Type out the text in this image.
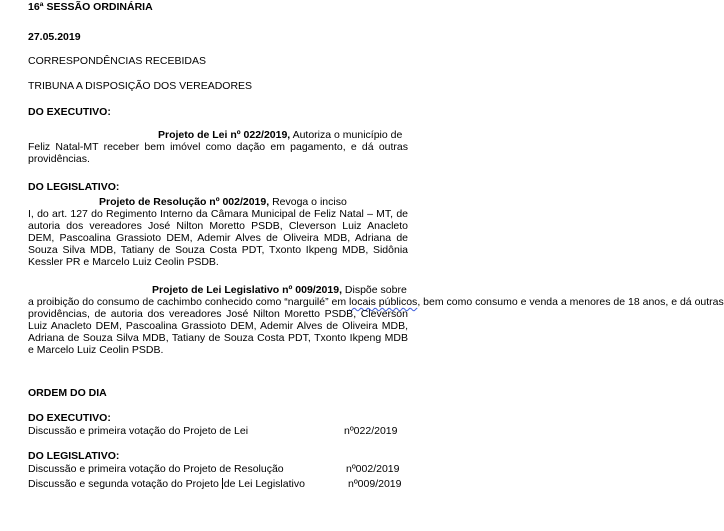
16ª SESSÃO ORDINÁRIA
27.05.2019
CORRESPONDÊNCIAS RECEBIDAS
TRIBUNA A DISPOSIÇÃO DOS VEREADORES
DO EXECUTIVO:
Projeto de Lei nº 022/2019, Autoriza o município de
Feliz Natal-MT receber bem imóvel como dação em pagamento, e dá outras
providências.
DO LEGISLATIVO:
Projeto de Resolução nº 002/2019, Revoga o inciso
I, do art. 127 do Regimento Interno da Câmara Municipal de Feliz Natal – MT, de
autoria dos vereadores José Nilton Moretto PSDB, Cleverson Luiz Anacleto
DEM, Pascoalina Grassioto DEM, Ademir Alves de Oliveira MDB, Adriana de
Souza Silva MDB, Tatiany de Souza Costa PDT, Txonto Ikpeng MDB, Sidônia
Kessler PR e Marcelo Luiz Ceolin PSDB.
Projeto de Lei Legislativo nº 009/2019, Dispõe sobre
a proibição do consumo de cachimbo conhecido como “narguilé” em locais públicos, bem como consumo e venda a menores de 18 anos, e dá outras
providências, de autoria dos vereadores José Nilton Moretto PSDB, Cleverson
Luiz Anacleto DEM, Pascoalina Grassioto DEM, Ademir Alves de Oliveira MDB,
Adriana de Souza Silva MDB, Tatiany de Souza Costa PDT, Txonto Ikpeng MDB
e Marcelo Luiz Ceolin PSDB.
ORDEM DO DIA
DO EXECUTIVO:
Discussão e primeira votação do Projeto de Lei	nº022/2019
DO LEGISLATIVO:
Discussão e primeira votação do Projeto de Resolução	nº002/2019
Discussão e segunda votação do Projeto de Lei Legislativo	nº009/2019
